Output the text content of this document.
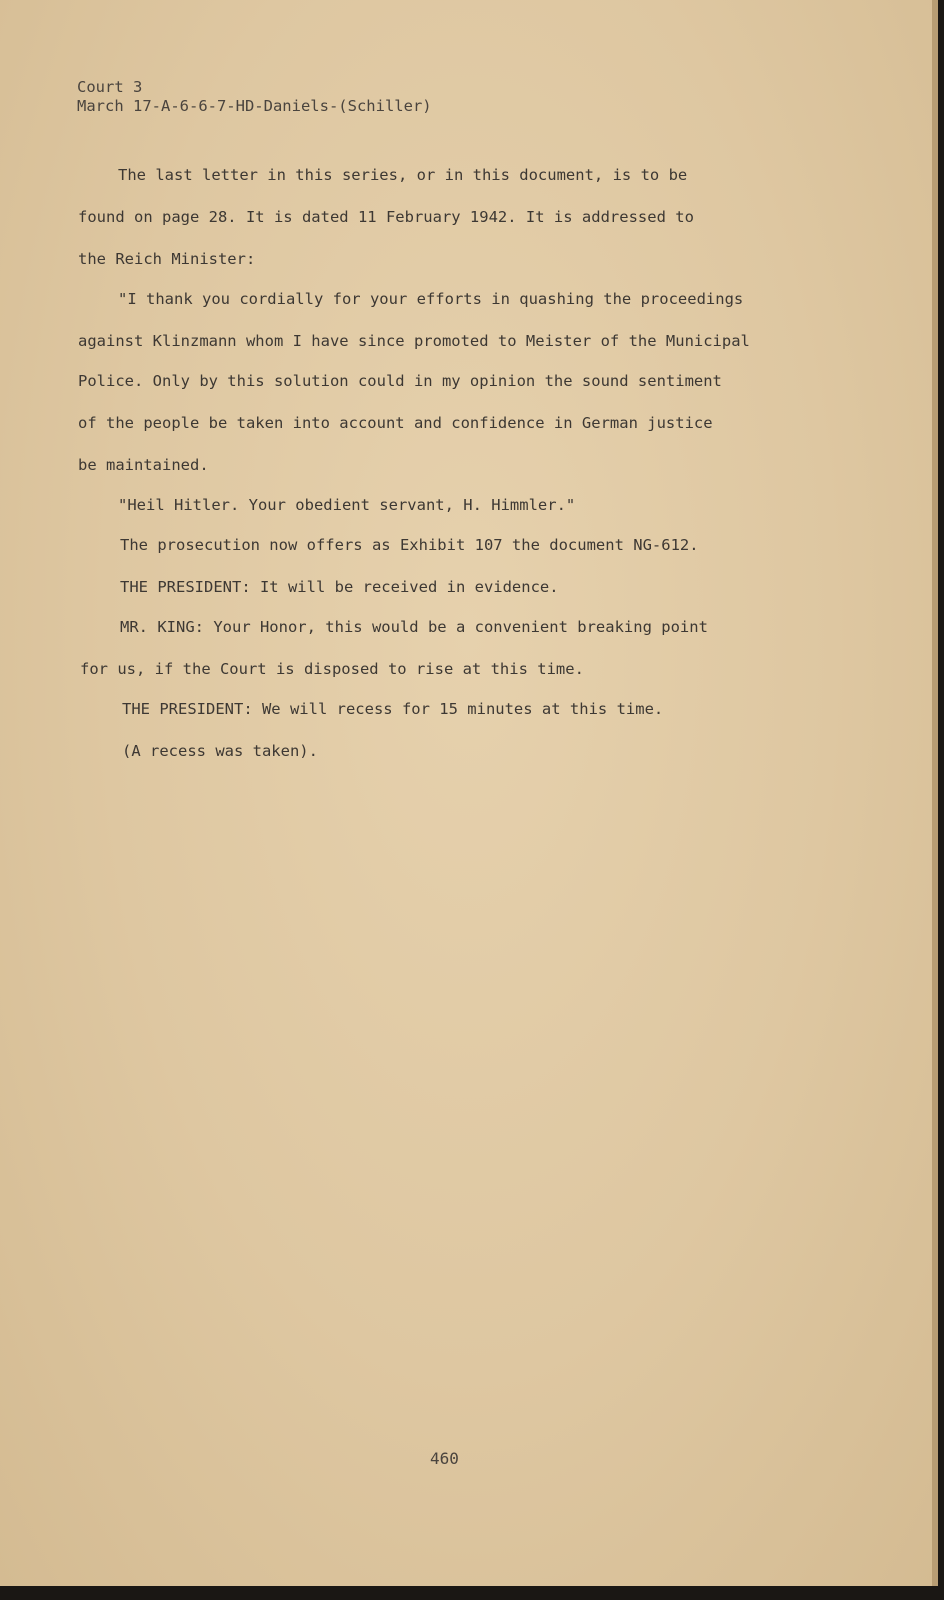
Court 3
March 17-A-6-6-7-HD-Daniels-(Schiller)
The last letter in this series, or in this document, is to be
found on page 28. It is dated 11 February 1942. It is addressed to
the Reich Minister:
"I thank you cordially for your efforts in quashing the proceedings
against Klinzmann whom I have since promoted to Meister of the Municipal
Police. Only by this solution could in my opinion the sound sentiment
of the people be taken into account and confidence in German justice
be maintained.
"Heil Hitler. Your obedient servant, H. Himmler."
The prosecution now offers as Exhibit 107 the document NG-612.
THE PRESIDENT: It will be received in evidence.
MR. KING: Your Honor, this would be a convenient breaking point
for us, if the Court is disposed to rise at this time.
THE PRESIDENT: We will recess for 15 minutes at this time.
(A recess was taken).
460
